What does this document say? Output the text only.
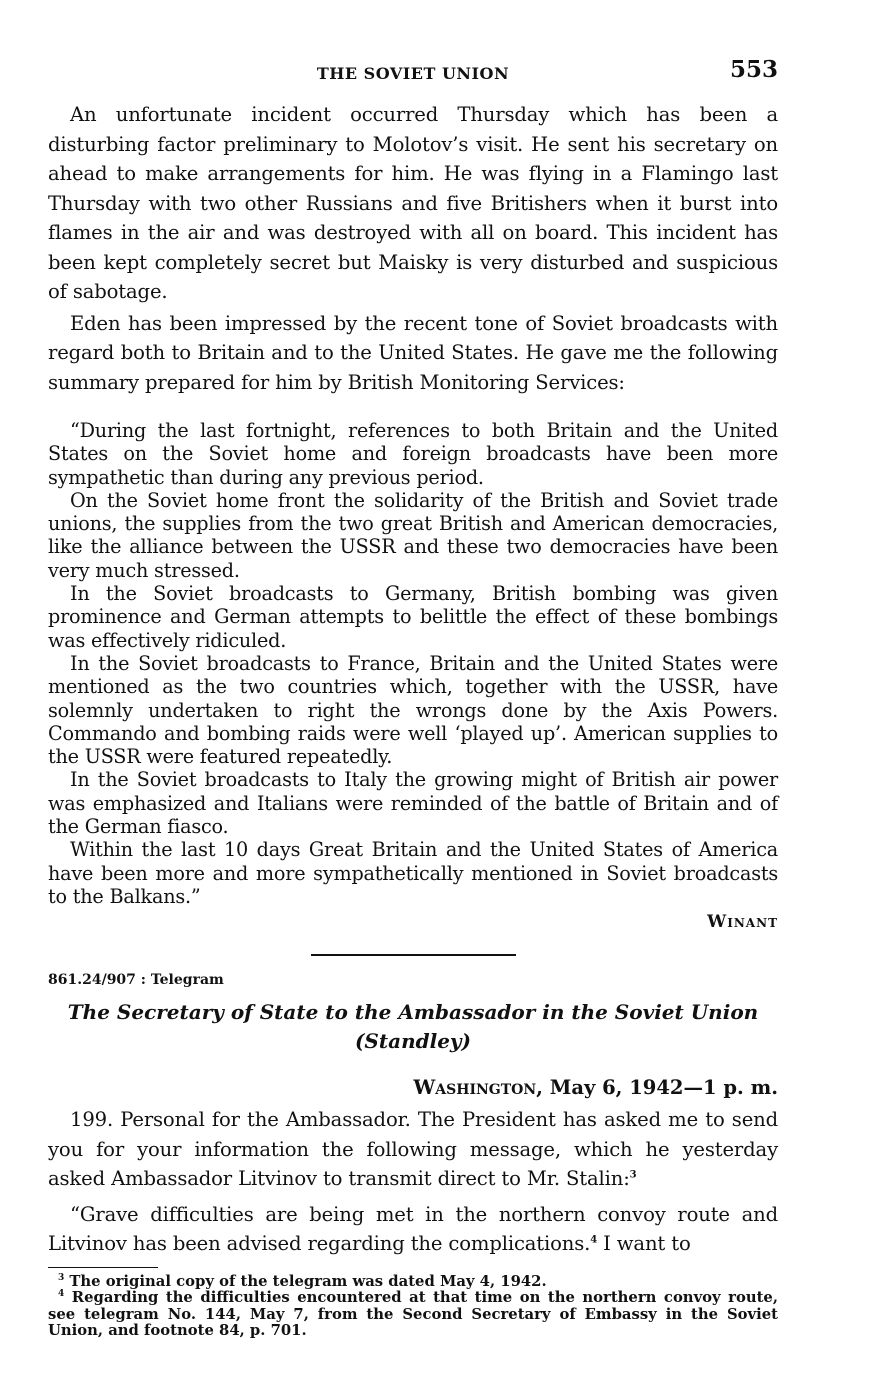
THE SOVIET UNION	553

An unfortunate incident occurred Thursday which has been a disturbing factor preliminary to Molotov’s visit. He sent his secretary on ahead to make arrangements for him. He was flying in a Flamingo last Thursday with two other Russians and five Britishers when it burst into flames in the air and was destroyed with all on board. This incident has been kept completely secret but Maisky is very disturbed and suspicious of sabotage.

Eden has been impressed by the recent tone of Soviet broadcasts with regard both to Britain and to the United States. He gave me the following summary prepared for him by British Monitoring Services:

“During the last fortnight, references to both Britain and the United States on the Soviet home and foreign broadcasts have been more sympathetic than during any previous period.

On the Soviet home front the solidarity of the British and Soviet trade unions, the supplies from the two great British and American democracies, like the alliance between the USSR and these two democracies have been very much stressed.

In the Soviet broadcasts to Germany, British bombing was given prominence and German attempts to belittle the effect of these bombings was effectively ridiculed.

In the Soviet broadcasts to France, Britain and the United States were mentioned as the two countries which, together with the USSR, have solemnly undertaken to right the wrongs done by the Axis Powers. Commando and bombing raids were well ‘played up’. American supplies to the USSR were featured repeatedly.

In the Soviet broadcasts to Italy the growing might of British air power was emphasized and Italians were reminded of the battle of Britain and of the German fiasco.

Within the last 10 days Great Britain and the United States of America have been more and more sympathetically mentioned in Soviet broadcasts to the Balkans.”

Winant
861.24/907 : Telegram
The Secretary of State to the Ambassador in the Soviet Union
(Standley)
Washington, May 6, 1942—1 p. m.

199. Personal for the Ambassador. The President has asked me to send you for your information the following message, which he yesterday asked Ambassador Litvinov to transmit direct to Mr. Stalin:$^3$

“Grave difficulties are being met in the northern convoy route and Litvinov has been advised regarding the complications.$^4$ I want to

$^3$ The original copy of the telegram was dated May 4, 1942.

$^4$ Regarding the difficulties encountered at that time on the northern convoy route, see telegram No. 144, May 7, from the Second Secretary of Embassy in the Soviet Union, and footnote 84, p. 701.
